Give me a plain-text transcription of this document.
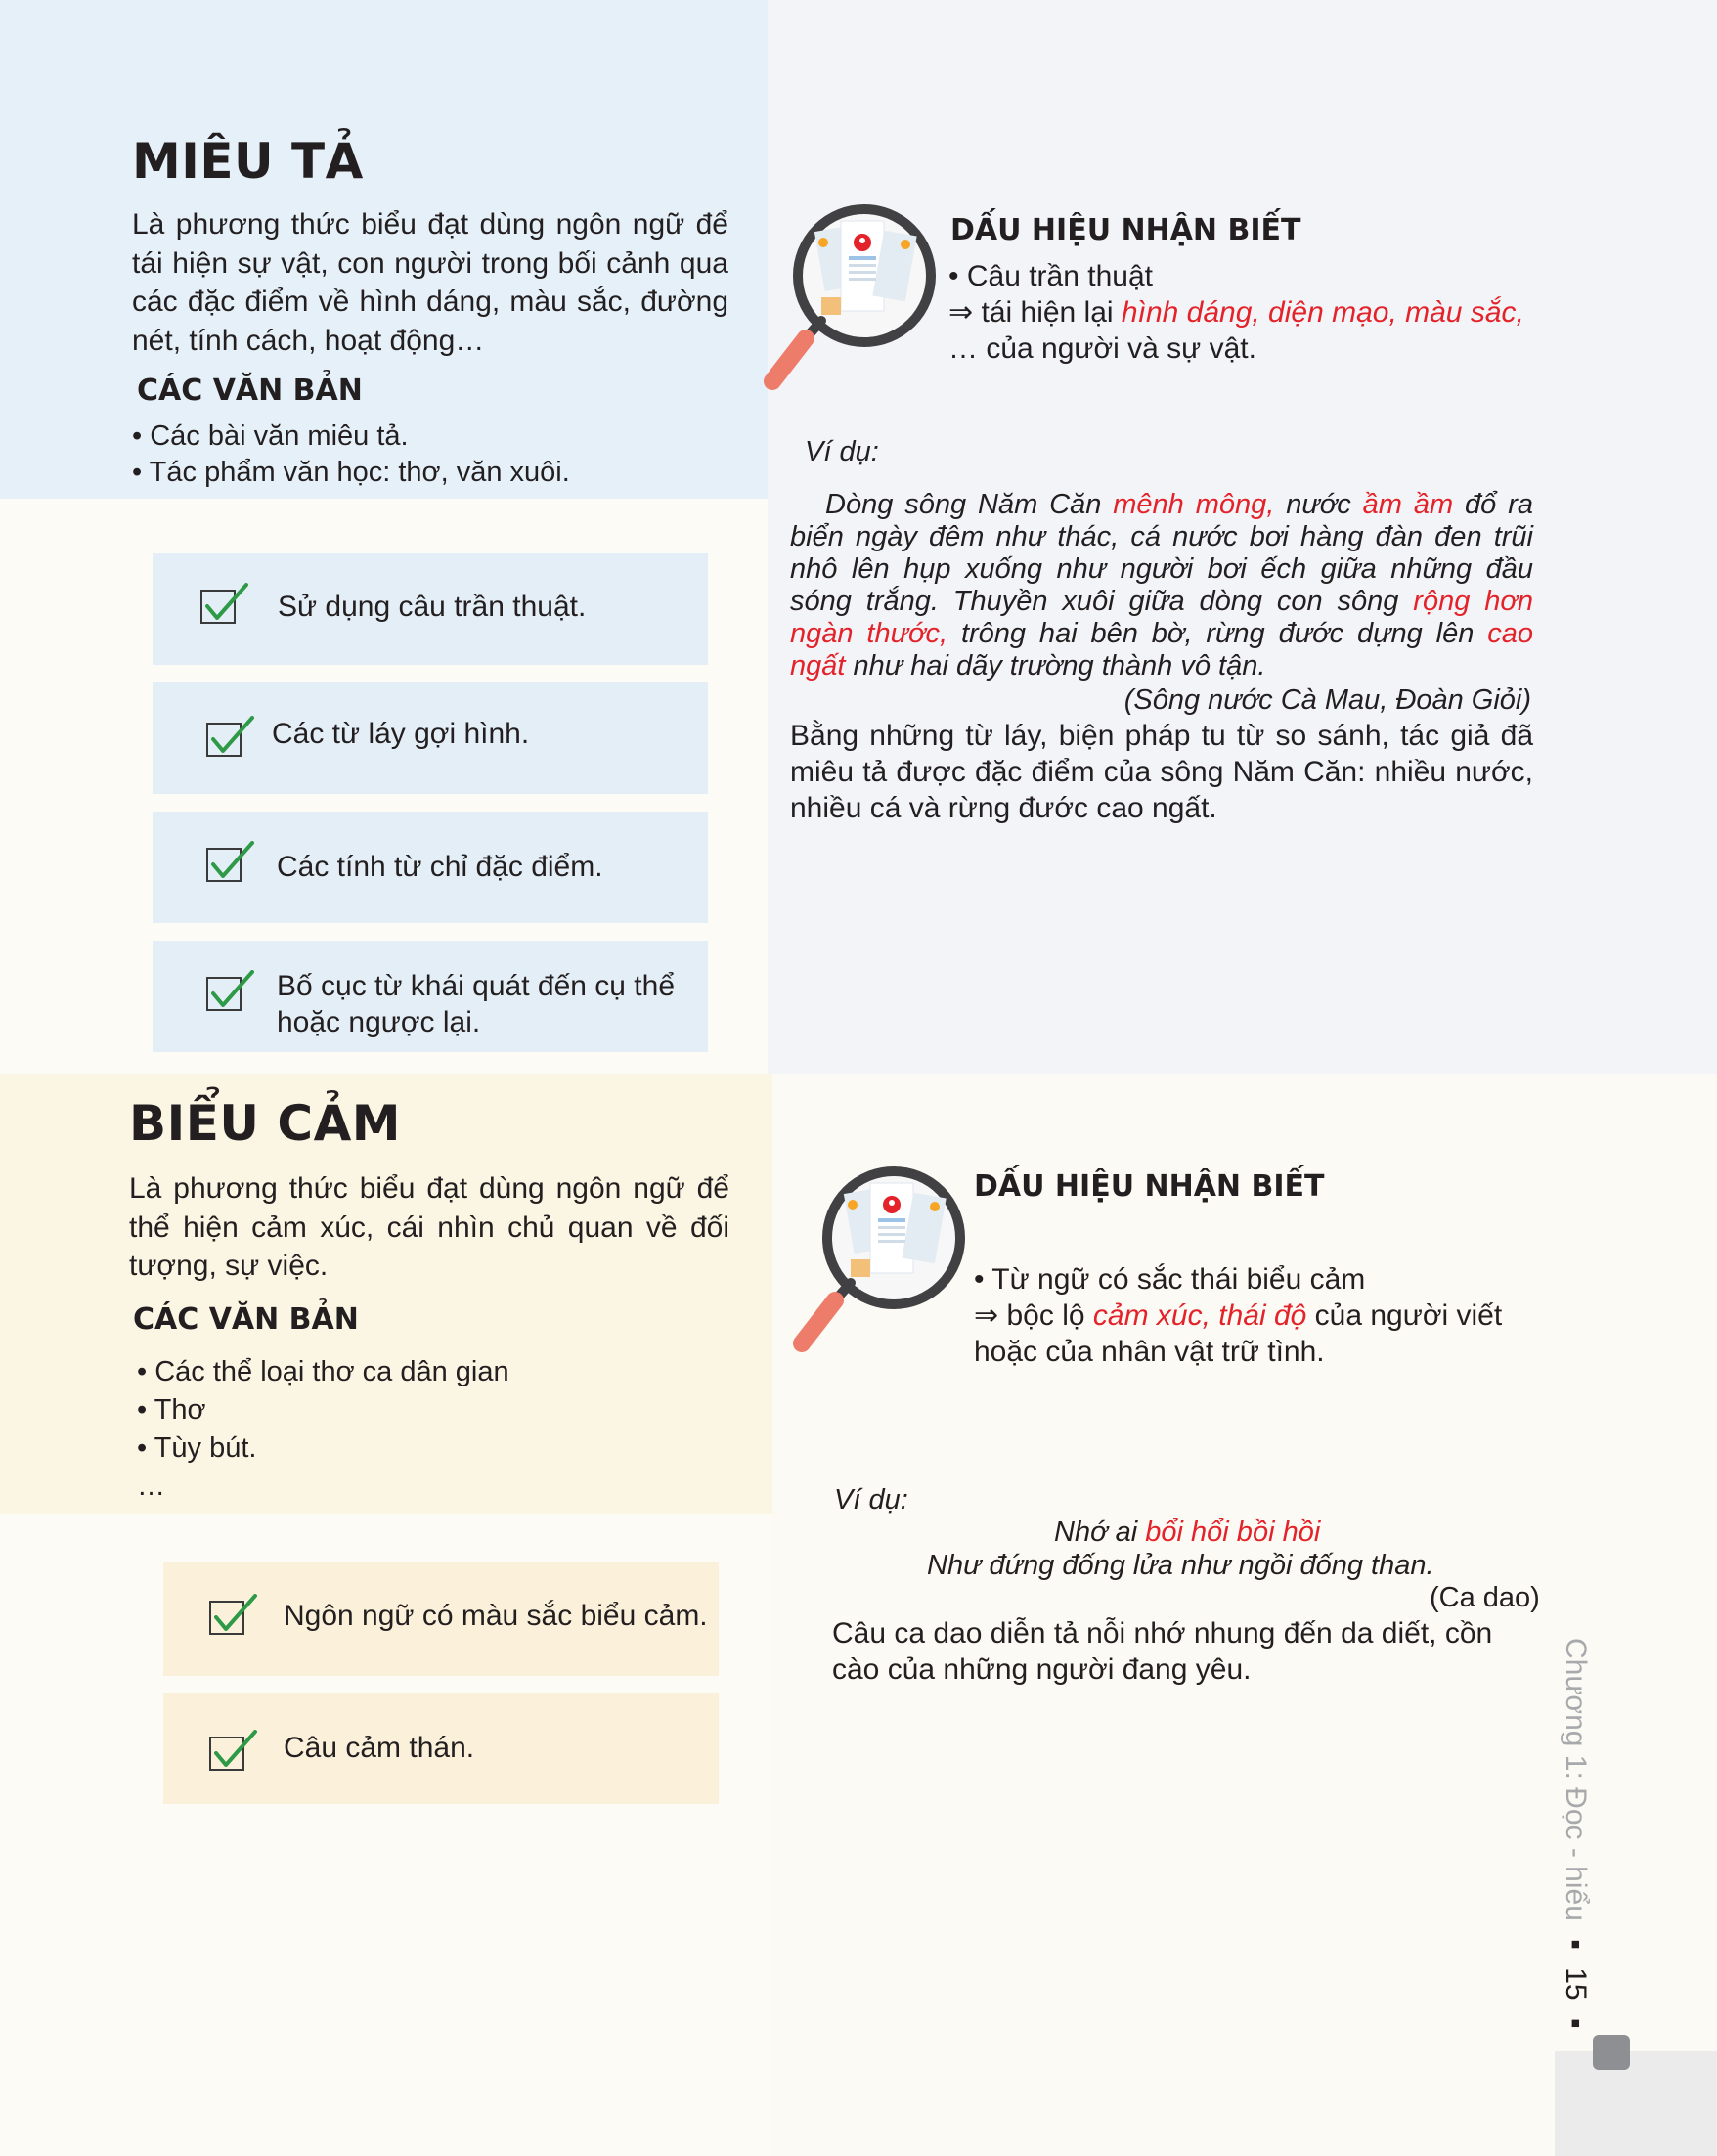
MIÊU TẢ

Là phương thức biểu đạt dùng ngôn ngữ để tái hiện sự vật, con người trong bối cảnh qua các đặc điểm về hình dáng, màu sắc, đường nét, tính cách, hoạt động…

CÁC VĂN BẢN
• Các bài văn miêu tả.
• Tác phẩm văn học: thơ, văn xuôi.
Sử dụng câu trần thuật.
Các từ láy gợi hình.
Các tính từ chỉ đặc điểm.
Bố cục từ khái quát đến cụ thể hoặc ngược lại.
DẤU HIỆU NHẬN BIẾT
• Câu trần thuật
⇒ tái hiện lại hình dáng, diện mạo, màu sắc,
… của người và sự vật.
Ví dụ:

Dòng sông Năm Căn mênh mông, nước ầm ầm đổ ra biển ngày đêm như thác, cá nước bơi hàng đàn đen trũi nhô lên hụp xuống như người bơi ếch giữa những đầu sóng trắng. Thuyền xuôi giữa dòng con sông rộng hơn ngàn thước, trông hai bên bờ, rừng đước dựng lên cao ngất như hai dãy trường thành vô tận.

(Sông nước Cà Mau, Đoàn Giỏi)

Bằng những từ láy, biện pháp tu từ so sánh, tác giả đã miêu tả được đặc điểm của sông Năm Căn: nhiều nước, nhiều cá và rừng đước cao ngất.

BIỂU CẢM

Là phương thức biểu đạt dùng ngôn ngữ để thể hiện cảm xúc, cái nhìn chủ quan về đối tượng, sự việc.

CÁC VĂN BẢN
• Các thể loại thơ ca dân gian
• Thơ
• Tùy bút.
…
Ngôn ngữ có màu sắc biểu cảm.
Câu cảm thán.
DẤU HIỆU NHẬN BIẾT
• Từ ngữ có sắc thái biểu cảm
⇒ bộc lộ cảm xúc, thái độ của người viết
hoặc của nhân vật trữ tình.
Ví dụ:
Nhớ ai bổi hổi bồi hồi
Như đứng đống lửa như ngồi đống than.
(Ca dao)

Câu ca dao diễn tả nỗi nhớ nhung đến da diết, cồn cào của những người đang yêu.	Chương 1: Đọc - hiểu ▪ 15 ▪
